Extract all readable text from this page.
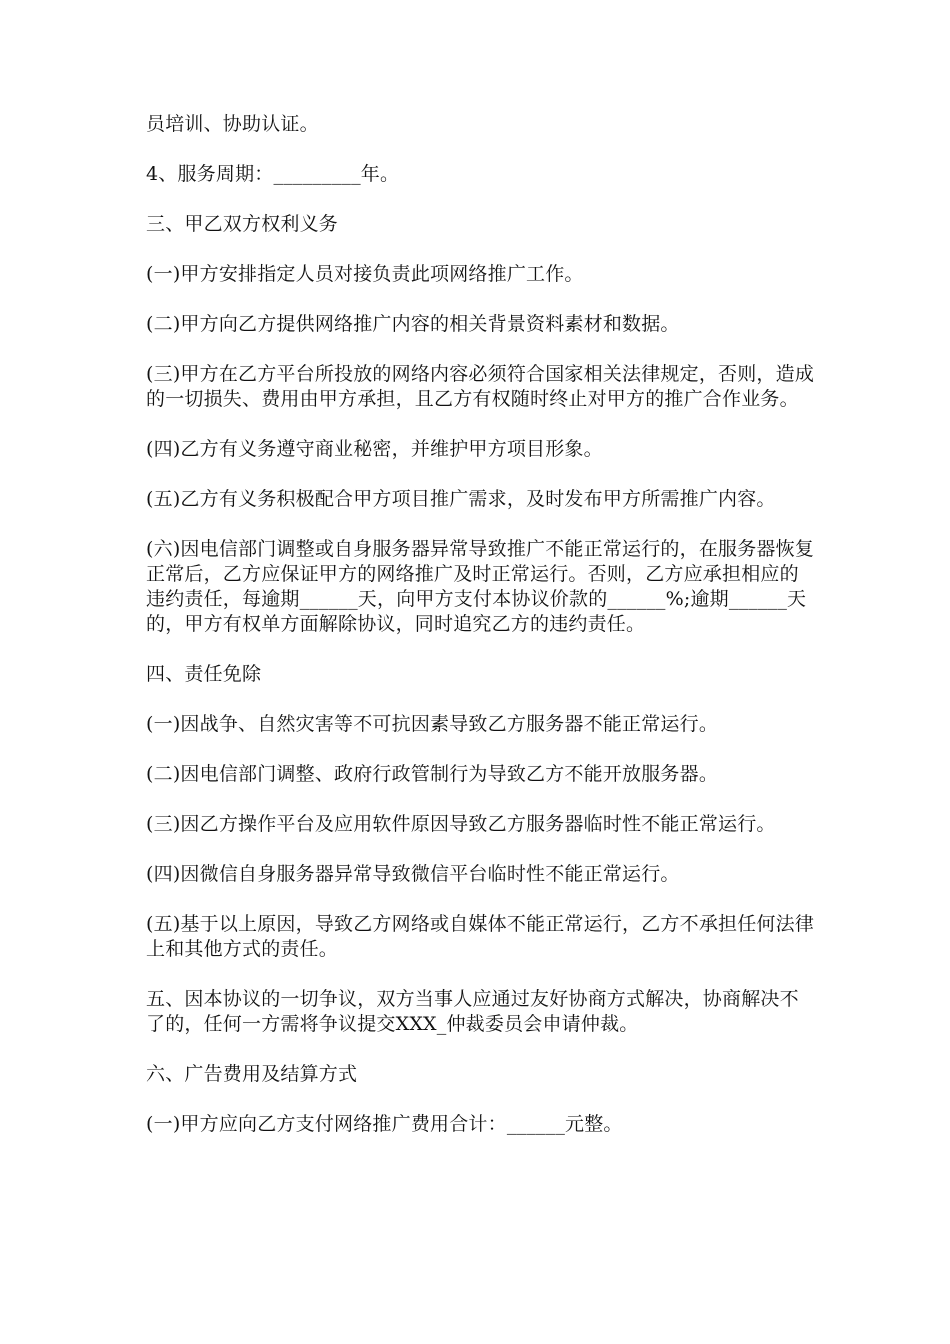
员培训、协助认证。

4、服务周期：_________年。

三、甲乙双方权利义务

(一)甲方安排指定人员对接负责此项网络推广工作。

(二)甲方向乙方提供网络推广内容的相关背景资料素材和数据。

(三)甲方在乙方平台所投放的网络内容必须符合国家相关法律规定，否则，造成的一切损失、费用由甲方承担，且乙方有权随时终止对甲方的推广合作业务。

(四)乙方有义务遵守商业秘密，并维护甲方项目形象。

(五)乙方有义务积极配合甲方项目推广需求，及时发布甲方所需推广内容。

(六)因电信部门调整或自身服务器异常导致推广不能正常运行的，在服务器恢复正常后，乙方应保证甲方的网络推广及时正常运行。否则，乙方应承担相应的违约责任，每逾期______天，向甲方支付本协议价款的______%;逾期______天的，甲方有权单方面解除协议，同时追究乙方的违约责任。

四、责任免除

(一)因战争、自然灾害等不可抗因素导致乙方服务器不能正常运行。

(二)因电信部门调整、政府行政管制行为导致乙方不能开放服务器。

(三)因乙方操作平台及应用软件原因导致乙方服务器临时性不能正常运行。

(四)因微信自身服务器异常导致微信平台临时性不能正常运行。

(五)基于以上原因，导致乙方网络或自媒体不能正常运行，乙方不承担任何法律上和其他方式的责任。

五、因本协议的一切争议，双方当事人应通过友好协商方式解决，协商解决不了的，任何一方需将争议提交XXX_仲裁委员会申请仲裁。

六、广告费用及结算方式

(一)甲方应向乙方支付网络推广费用合计：______元整。
